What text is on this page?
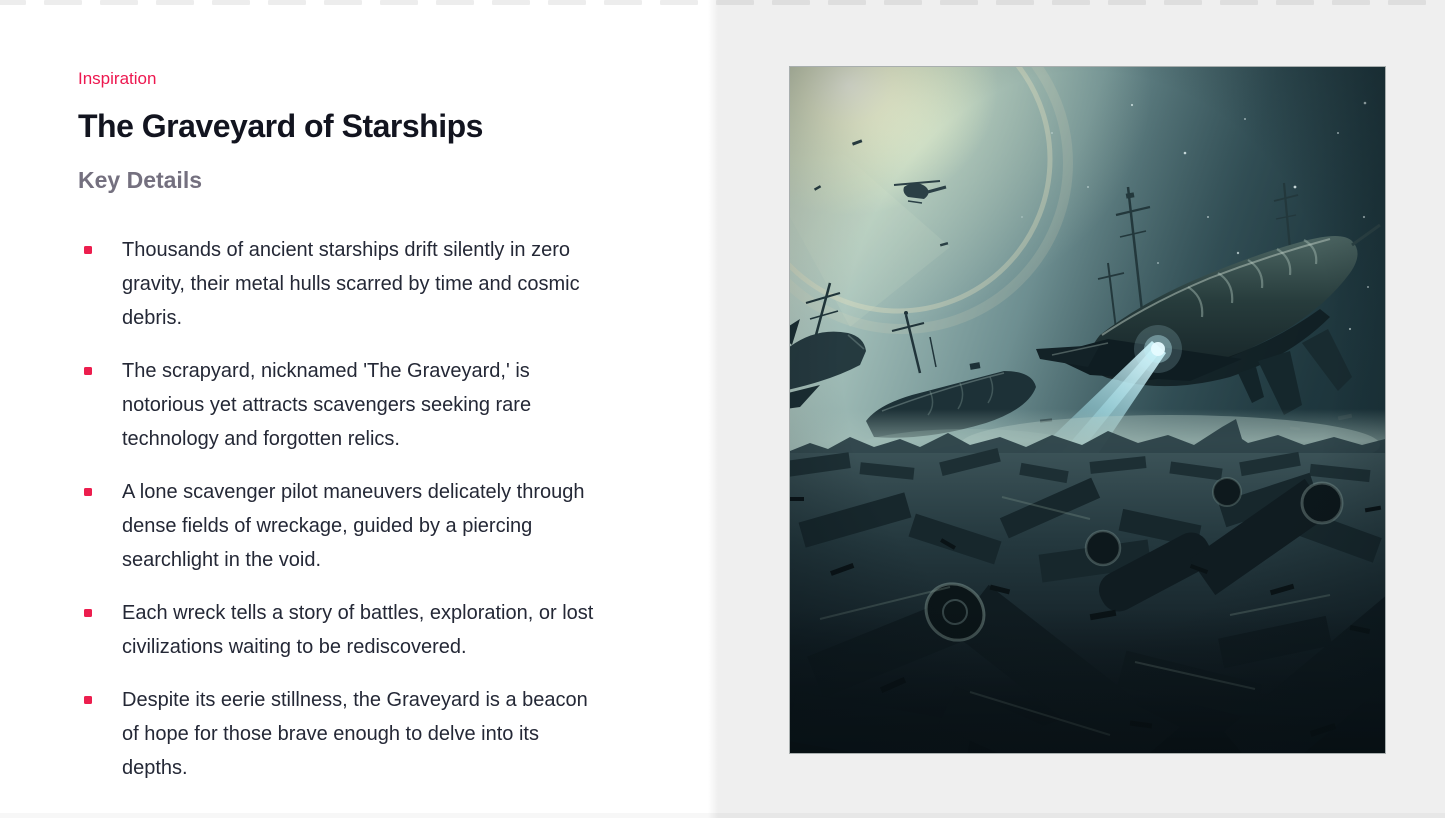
Inspiration
The Graveyard of Starships
Key Details
Thousands of ancient starships drift silently in zero gravity, their metal hulls scarred by time and cosmic debris.
The scrapyard, nicknamed 'The Graveyard,' is notorious yet attracts scavengers seeking rare technology and forgotten relics.
A lone scavenger pilot maneuvers delicately through dense fields of wreckage, guided by a piercing searchlight in the void.
Each wreck tells a story of battles, exploration, or lost civilizations waiting to be rediscovered.
Despite its eerie stillness, the Graveyard is a beacon of hope for those brave enough to delve into its depths.
